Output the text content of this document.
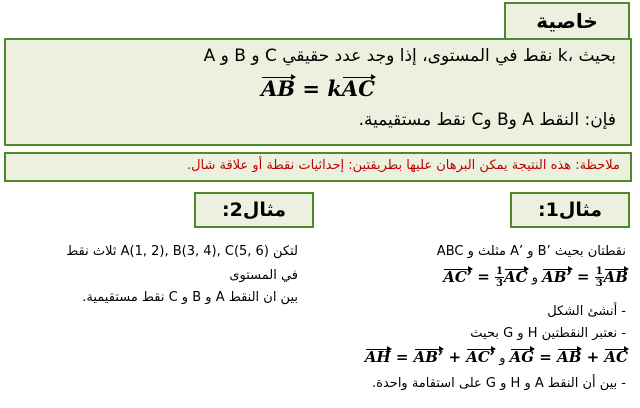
خاصية
A و B و C نقط في المستوى، إذا وجد عدد حقيقي k، بحيث
AB = kAC
فإن: النقط A وB وC نقط مستقيمية.
ملاحظة: هذه النتيجة يمكن البرهان عليها بطريقتين: إحداثيات نقطة أو علاقة شال.
مثال1:
مثال2:
ABC مثلث و A’ و B’ نقطتان بحيث
AC’ = $\frac{1}{3}$ AC و AB’ = $\frac{1}{3}$ AB
- أنشئ الشكل
- نعتبر النقطتين H و G بحيث
AH = AB’ + AC’ و AG = AB + AC
- بين أن النقط A و H و G على استقامة واحدة.
لتكن A(1, 2), B(3, 4), C(5, 6) ثلاث نقط
في المستوى
بين ان النقط A و B و C نقط مستقيمية.
